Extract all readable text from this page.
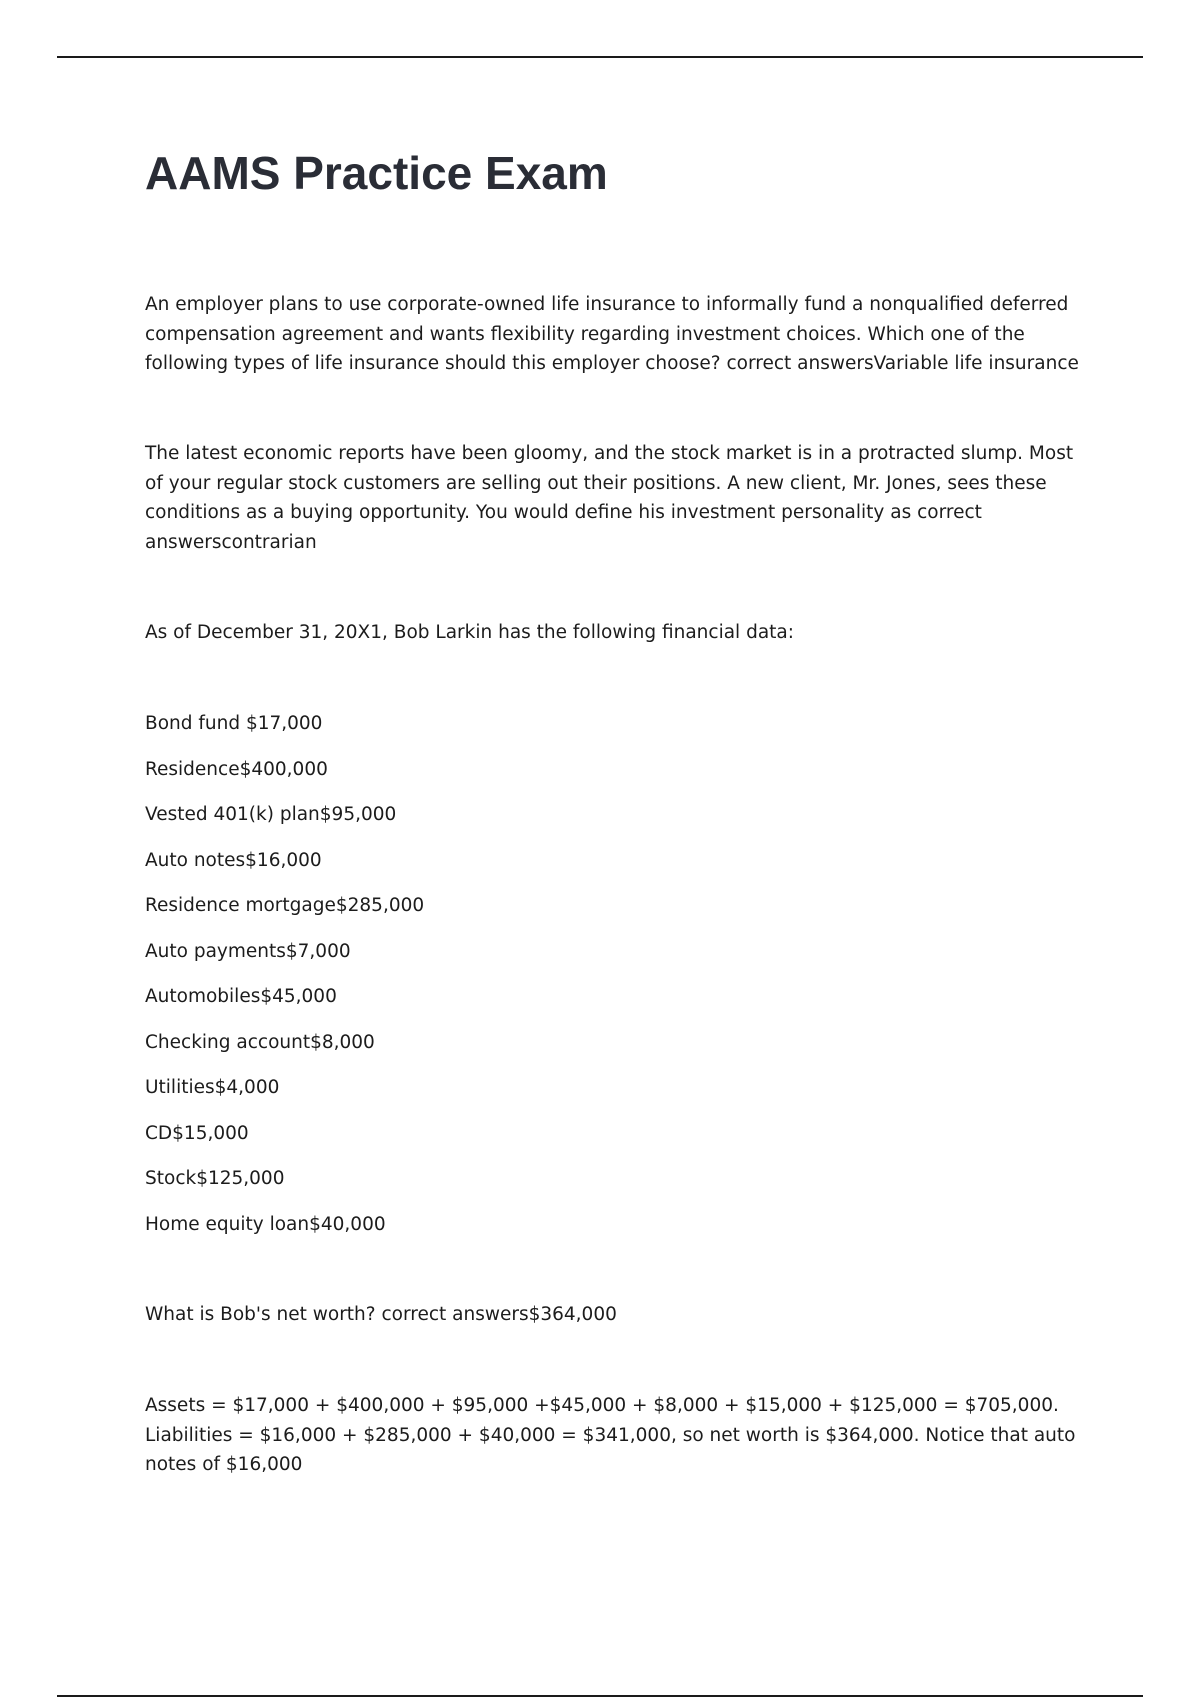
AAMS Practice Exam

An employer plans to use corporate-owned life insurance to informally fund a nonqualified deferred compensation agreement and wants flexibility regarding investment choices. Which one of the following types of life insurance should this employer choose? correct answersVariable life insurance

The latest economic reports have been gloomy, and the stock market is in a protracted slump. Most of your regular stock customers are selling out their positions. A new client, Mr. Jones, sees these conditions as a buying opportunity. You would define his investment personality as correct answerscontrarian

As of December 31, 20X1, Bob Larkin has the following financial data:

Bond fund $17,000
Residence$400,000
Vested 401(k) plan$95,000
Auto notes$16,000
Residence mortgage$285,000
Auto payments$7,000
Automobiles$45,000
Checking account$8,000
Utilities$4,000
CD$15,000
Stock$125,000
Home equity loan$40,000

What is Bob's net worth? correct answers$364,000

Assets = $17,000 + $400,000 + $95,000 +$45,000 + $8,000 + $15,000 + $125,000 = $705,000. Liabilities = $16,000 + $285,000 + $40,000 = $341,000, so net worth is $364,000. Notice that auto notes of $16,000
